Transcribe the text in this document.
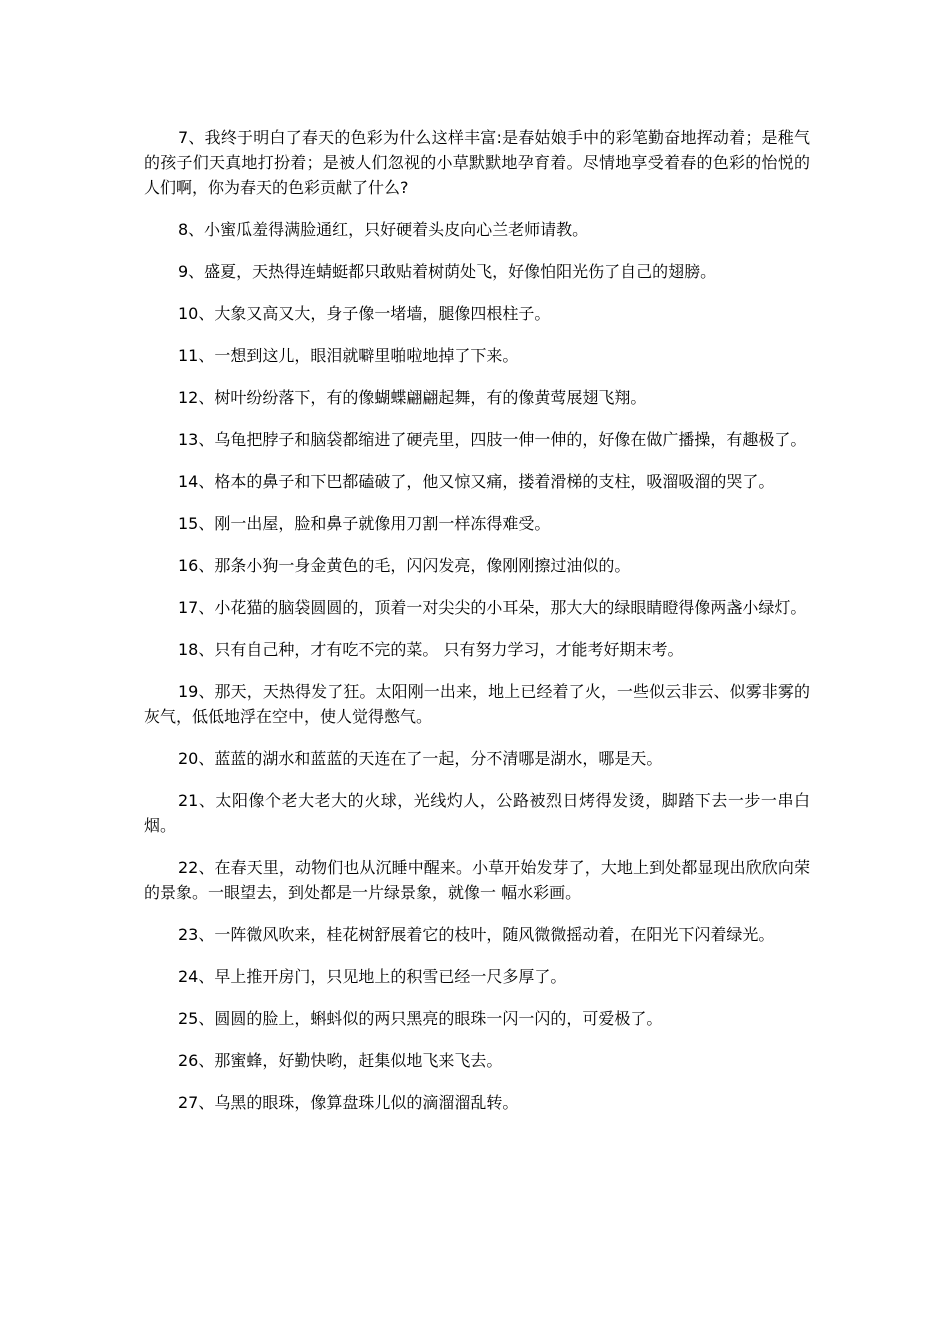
7、我终于明白了春天的色彩为什么这样丰富:是春姑娘手中的彩笔勤奋地挥动着；是稚气的孩子们天真地打扮着；是被人们忽视的小草默默地孕育着。尽情地享受着春的色彩的怡悦的人们啊，你为春天的色彩贡献了什么?

8、小蜜瓜羞得满脸通红，只好硬着头皮向心兰老师请教。

9、盛夏，天热得连蜻蜓都只敢贴着树荫处飞，好像怕阳光伤了自己的翅膀。

10、大象又高又大，身子像一堵墙，腿像四根柱子。

11、一想到这儿，眼泪就噼里啪啦地掉了下来。

12、树叶纷纷落下，有的像蝴蝶翩翩起舞，有的像黄莺展翅飞翔。

13、乌龟把脖子和脑袋都缩进了硬壳里，四肢一伸一伸的，好像在做广播操，有趣极了。

14、格本的鼻子和下巴都磕破了，他又惊又痛，搂着滑梯的支柱，吸溜吸溜的哭了。

15、刚一出屋，脸和鼻子就像用刀割一样冻得难受。

16、那条小狗一身金黄色的毛，闪闪发亮，像刚刚擦过油似的。

17、小花猫的脑袋圆圆的，顶着一对尖尖的小耳朵，那大大的绿眼睛瞪得像两盏小绿灯。

18、只有自己种，才有吃不完的菜。 只有努力学习，才能考好期末考。

19、那天，天热得发了狂。太阳刚一出来，地上已经着了火，一些似云非云、似雾非雾的灰气，低低地浮在空中，使人觉得憋气。

20、蓝蓝的湖水和蓝蓝的天连在了一起，分不清哪是湖水，哪是天。

21、太阳像个老大老大的火球，光线灼人，公路被烈日烤得发烫，脚踏下去一步一串白烟。

22、在春天里，动物们也从沉睡中醒来。小草开始发芽了，大地上到处都显现出欣欣向荣的景象。一眼望去，到处都是一片绿景象，就像一 幅水彩画。

23、一阵微风吹来，桂花树舒展着它的枝叶，随风微微摇动着，在阳光下闪着绿光。

24、早上推开房门，只见地上的积雪已经一尺多厚了。

25、圆圆的脸上，蝌蚪似的两只黑亮的眼珠一闪一闪的，可爱极了。

26、那蜜蜂，好勤快哟，赶集似地飞来飞去。

27、乌黑的眼珠，像算盘珠儿似的滴溜溜乱转。
